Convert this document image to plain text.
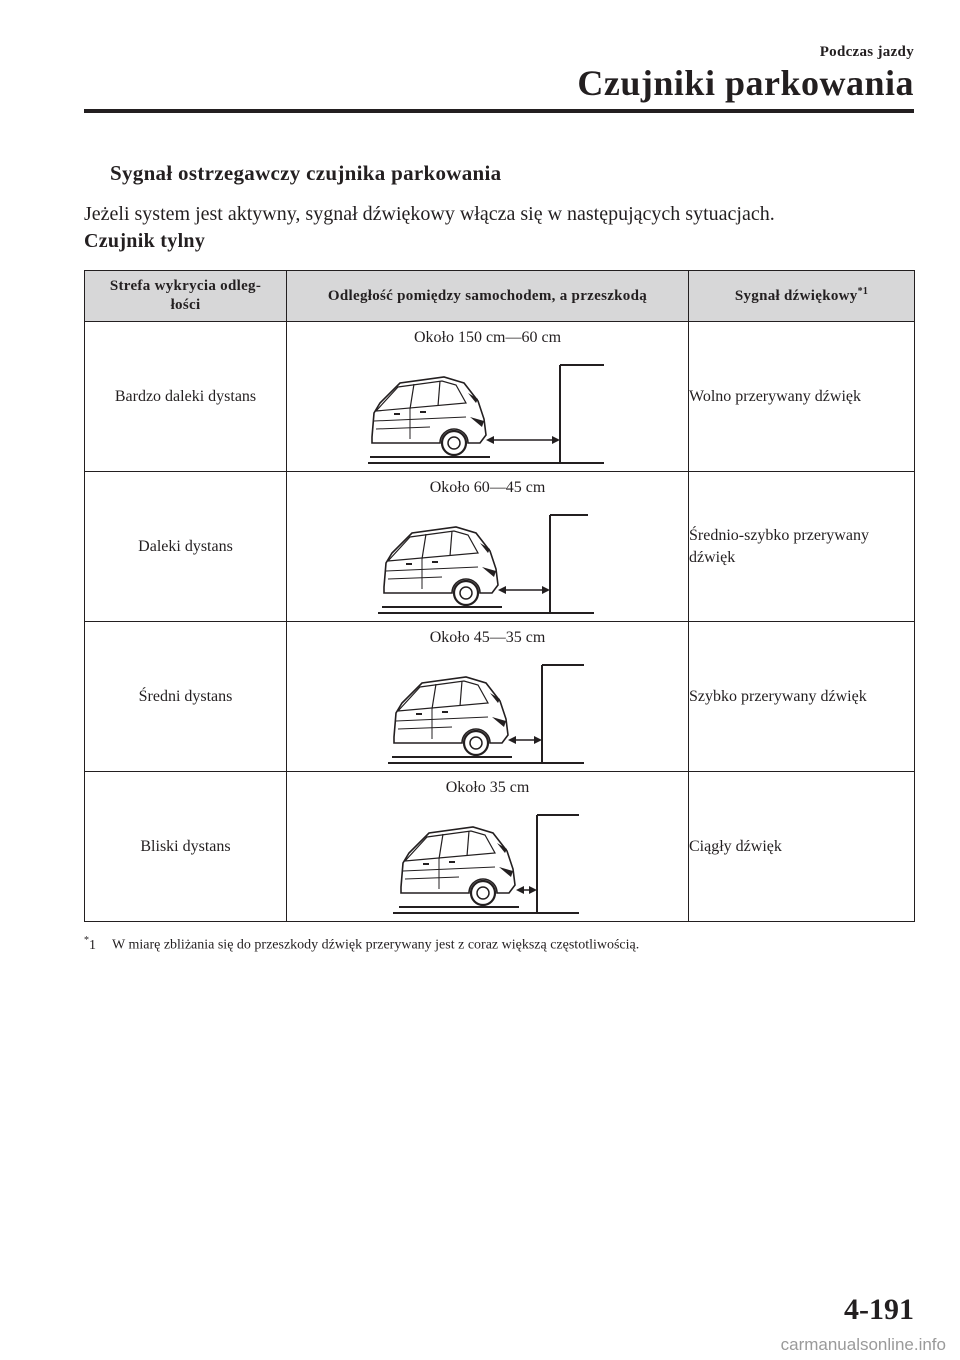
Podczas jazdy
Czujniki parkowania
Sygnał ostrzegawczy czujnika parkowania
Jeżeli system jest aktywny, sygnał dźwiękowy włącza się w następujących sytuacjach.
Czujnik tylny
Strefa wykrycia odleg-
łości	Odległość pomiędzy samochodem, a przeszkodą	Sygnał dźwiękowy$^{*1}$
Bardzo daleki dystans	Około 150 cm―60 cm	Wolno przerywany dźwięk
Daleki dystans	Około 60―45 cm	Średnio-szybko przerywany dźwięk
Średni dystans	Około 45―35 cm	Szybko przerywany dźwięk
Bliski dystans	Około 35 cm	Ciągły dźwięk
*1 W miarę zbliżania się do przeszkody dźwięk przerywany jest z coraz większą częstotliwością.
4-191
carmanualsonline.info
